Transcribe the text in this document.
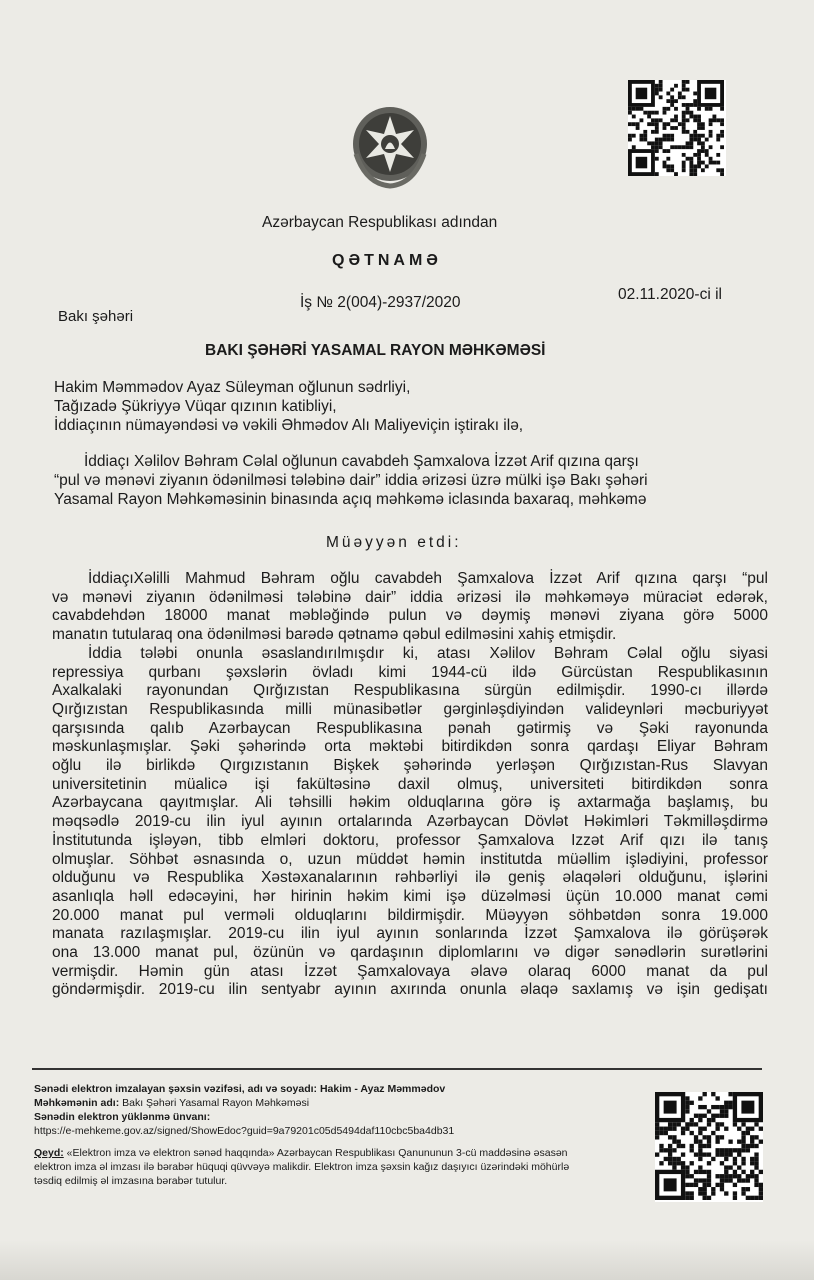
Azərbaycan Respublikası adından
QƏTNAMƏ
Bakı şəhəri
İş № 2(004)-2937/2020	02.11.2020-ci il
BAKI ŞƏHƏRİ YASAMAL RAYON MƏHKƏMƏSİ
Hakim Məmmədov Ayaz Süleyman oğlunun sədrliyi,
Tağızadə Şükriyyə Vüqar qızının katibliyi,
İddiaçının nümayəndəsi və vəkili Əhmədov Alı Maliyeviçin iştirakı ilə,
İddiaçı Xəlilov Bəhram Cəlal oğlunun cavabdeh Şamxalova İzzət Arif qızına qarşı
“pul və mənəvi ziyanın ödənilməsi tələbinə dair” iddia ərizəsi üzrə mülki işə Bakı şəhəri
Yasamal Rayon Məhkəməsinin binasında açıq məhkəmə iclasında baxaraq, məhkəmə
Müəyyən etdi:
İddiaçıXəlilli Mahmud Bəhram oğlu cavabdeh Şamxalova İzzət Arif qızına qarşı “pul
və mənəvi ziyanın ödənilməsi tələbinə dair” iddia ərizəsi ilə məhkəməyə müraciət edərək,
cavabdehdən 18000 manat məbləğində pulun və dəymiş mənəvi ziyana görə 5000
manatın tutularaq ona ödənilməsi barədə qətnamə qəbul edilməsini xahiş etmişdir.
İddia tələbi onunla əsaslandırılmışdır ki, atası Xəlilov Bəhram Cəlal oğlu siyasi
repressiya qurbanı şəxslərin övladı kimi 1944-cü ildə Gürcüstan Respublikasının
Axalkalaki rayonundan Qırğızıstan Respublikasına sürgün edilmişdir. 1990-cı illərdə
Qırğızıstan Respublikasında milli münasibətlər gərginləşdiyindən valideynləri məcburiyyət
qarşısında qalıb Azərbaycan Respublikasına pənah gətirmiş və Şəki rayonunda
məskunlaşmışlar. Şəki şəhərində orta məktəbi bitirdikdən sonra qardaşı Eliyar Bəhram
oğlu ilə birlikdə Qırgızıstanın Bişkek şəhərində yerləşən Qırğızıstan-Rus Slavyan
universitetinin müalicə işi fakültəsinə daxil olmuş, universiteti bitirdikdən sonra
Azərbaycana qayıtmışlar. Ali təhsilli həkim olduqlarına görə iş axtarmağa başlamış, bu
məqsədlə 2019-cu ilin iyul ayının ortalarında Azərbaycan Dövlət Həkimləri Təkmilləşdirmə
İnstitutunda işləyən, tibb elmləri doktoru, professor Şamxalova Izzət Arif qızı ilə tanış
olmuşlar. Söhbət əsnasında o, uzun müddət həmin institutda müəllim işlədiyini, professor
olduğunu və Respublika Xəstəxanalarının rəhbərliyi ilə geniş əlaqələri olduğunu, işlərini
asanlıqla həll edəcəyini, hər hirinin həkim kimi işə düzəlməsi üçün 10.000 manat cəmi
20.000 manat pul verməli olduqlarını bildirmişdir. Müəyyən söhbətdən sonra 19.000
manata razılaşmışlar. 2019-cu ilin iyul ayının sonlarında İzzət Şamxalova ilə görüşərək
ona 13.000 manat pul, özünün və qardaşının diplomlarını və digər sənədlərin surətlərini
vermişdir. Həmin gün atası İzzət Şamxalovaya əlavə olaraq 6000 manat da pul
göndərmişdir. 2019-cu ilin sentyabr ayının axırında onunla əlaqə saxlamış və işin gedişatı
Sənədi elektron imzalayan şəxsin vəzifəsi, adı və soyadı: Hakim - Ayaz Məmmədov
Məhkəmənin adı: Bakı Şəhəri Yasamal Rayon Məhkəməsi
Sənədin elektron yüklənmə ünvanı:
https://e-mehkeme.gov.az/signed/ShowEdoc?guid=9a79201c05d5494daf110cbc5ba4db31
Qeyd: «Elektron imza və elektron sənəd haqqında» Azərbaycan Respublikası Qanununun 3-cü maddəsinə əsasən
elektron imza əl imzası ilə bərabər hüquqi qüvvəyə malikdir. Elektron imza şəxsin kağız daşıyıcı üzərindəki möhürlə
təsdiq edilmiş əl imzasına bərabər tutulur.
